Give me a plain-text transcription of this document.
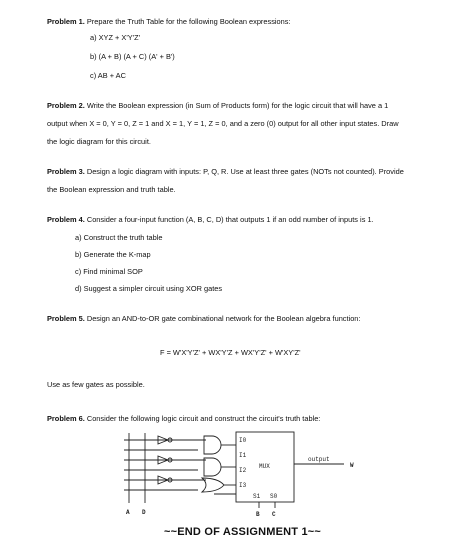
Problem 1. Prepare the Truth Table for the following Boolean expressions:
a) XYZ + X'Y'Z'
b) (A + B) (A + C) (A' + B')
c) AB + AC
Problem 2. Write the Boolean expression (in Sum of Products form) for the logic circuit that will have a 1
output when X = 0, Y = 0, Z = 1 and X = 1, Y = 1, Z = 0, and a zero (0) output for all other input states. Draw
the logic diagram for this circuit.
Problem 3. Design a logic diagram with inputs: P, Q, R. Use at least three gates (NOTs not counted). Provide
the Boolean expression and truth table.
Problem 4. Consider a four-input function (A, B, C, D) that outputs 1 if an odd number of inputs is 1.
a) Construct the truth table
b) Generate the K-map
c) Find minimal SOP
d) Suggest a simpler circuit using XOR gates
Problem 5. Design an AND-to-OR gate combinational network for the Boolean algebra function:
F = W'X'Y'Z' + WX'Y'Z + WX'Y'Z' + W'XY'Z'
Use as few gates as possible.
Problem 6. Consider the following logic circuit and construct the circuit's truth table:
I0
I1
I2
I3
MUX
output
S1 S0
W
A D	B C
~~END OF ASSIGNMENT 1~~
